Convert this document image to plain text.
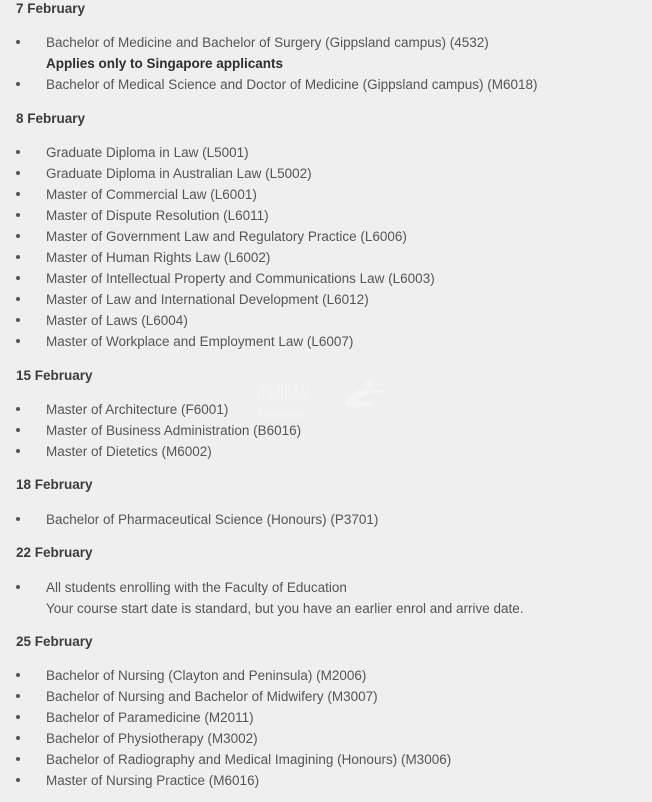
7 February
Bachelor of Medicine and Bachelor of Surgery (Gippsland campus) (4532)
Applies only to Singapore applicants
Bachelor of Medical Science and Doctor of Medicine (Gippsland campus) (M6018)
8 February
Graduate Diploma in Law (L5001)
Graduate Diploma in Australian Law (L5002)
Master of Commercial Law (L6001)
Master of Dispute Resolution (L6011)
Master of Government Law and Regulatory Practice (L6006)
Master of Human Rights Law (L6002)
Master of Intellectual Property and Communications Law (L6003)
Master of Law and International Development (L6012)
Master of Laws (L6004)
Master of Workplace and Employment Law (L6007)
15 February
Master of Architecture (F6001)
Master of Business Administration (B6016)
Master of Dietetics (M6002)
18 February
Bachelor of Pharmaceutical Science (Honours) (P3701)
22 February
All students enrolling with the Faculty of Education
Your course start date is standard, but you have an earlier enrol and arrive date.
25 February
Bachelor of Nursing (Clayton and Peninsula) (M2006)
Bachelor of Nursing and Bachelor of Midwifery (M3007)
Bachelor of Paramedicine (M2011)
Bachelor of Physiotherapy (M3002)
Bachelor of Radiography and Medical Imagining (Honours) (M3006)
Master of Nursing Practice (M6016)
海那边
Hinabian
